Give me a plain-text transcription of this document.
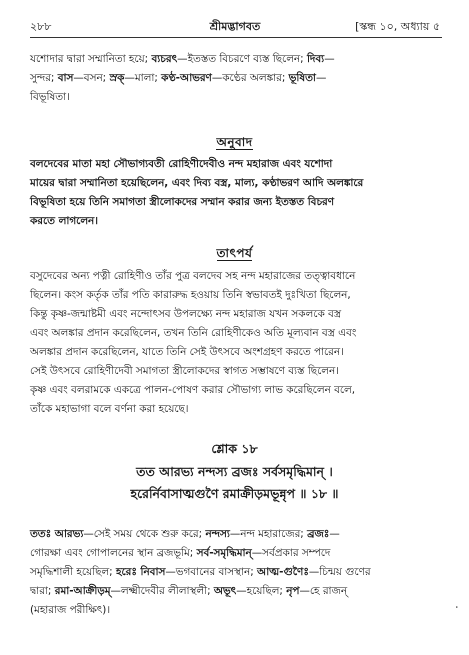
২৮৮	শ্রীমদ্ভাগবত	[স্কন্ধ ১০, অধ্যায় ৫
যশোদার দ্বারা সম্মানিতা হয়ে; ব্যচরৎ—ইতস্তত বিচরণে ব্যস্ত ছিলেন; দিব্য—
সুন্দর; বাস—বসন; স্রক্—মালা; কণ্ঠ-আভরণ—কণ্ঠের অলঙ্কার; ভূষিতা—
বিভূষিতা।
অনুবাদ
বলদেবের মাতা মহা সৌভাগ্যবতী রোহিণীদেবীও নন্দ মহারাজ এবং যশোদা
মায়ের দ্বারা সম্মানিতা হয়েছিলেন, এবং দিব্য বস্ত্র, মাল্য, কণ্ঠাভরণ আদি অলঙ্কারে
বিভূষিতা হয়ে তিনি সমাগতা স্ত্রীলোকদের সম্মান করার জন্য ইতস্তত বিচরণ
করতে লাগলেন।
তাৎপর্য
বসুদেবের অন্য পত্নী রোহিণীও তাঁর পুত্র বলদেব সহ নন্দ মহারাজের তত্ত্বাবধানে
ছিলেন। কংস কর্তৃক তাঁর পতি কারারুদ্ধ হওয়ায় তিনি স্বভাবতই দুঃখিতা ছিলেন,
কিন্তু কৃষ্ণ-জন্মাষ্টমী এবং নন্দোৎসব উপলক্ষ্যে নন্দ মহারাজ যখন সকলকে বস্ত্র
এবং অলঙ্কার প্রদান করেছিলেন, তখন তিনি রোহিণীকেও অতি মূল্যবান বস্ত্র এবং
অলঙ্কার প্রদান করেছিলেন, যাতে তিনি সেই উৎসবে অংশগ্রহণ করতে পারেন।
সেই উৎসবে রোহিণীদেবী সমাগতা স্ত্রীলোকদের স্বাগত সম্ভাষণে ব্যস্ত ছিলেন।
কৃষ্ণ এবং বলরামকে একত্রে পালন-পোষণ করার সৌভাগ্য লাভ করেছিলেন বলে,
তাঁকে মহাভাগা বলে বর্ণনা করা হয়েছে।
শ্লোক ১৮
তত আরভ্য নন্দস্য ব্রজঃ সর্বসমৃদ্ধিমান্ ।
হরের্নিবাসাত্মগুণৈ রমাক্রীড়মভূন্নৃপ ॥ ১৮ ॥
ততঃ আরভ্য—সেই সময় থেকে শুরু করে; নন্দস্য—নন্দ মহারাজের; ব্রজঃ—
গোরক্ষা এবং গোপালনের স্থান ব্রজভূমি; সর্ব-সমৃদ্ধিমান্—সর্বপ্রকার সম্পদে
সমৃদ্ধিশালী হয়েছিল; হরেঃ নিবাস—ভগবানের বাসস্থান; আত্ম-গুণৈঃ—চিন্ময় গুণের
দ্বারা; রমা-আক্রীড়ম্—লক্ষ্মীদেবীর লীলাস্থলী; অভূৎ—হয়েছিল; নৃপ—হে রাজন্
(মহারাজ পরীক্ষিৎ)।	·
